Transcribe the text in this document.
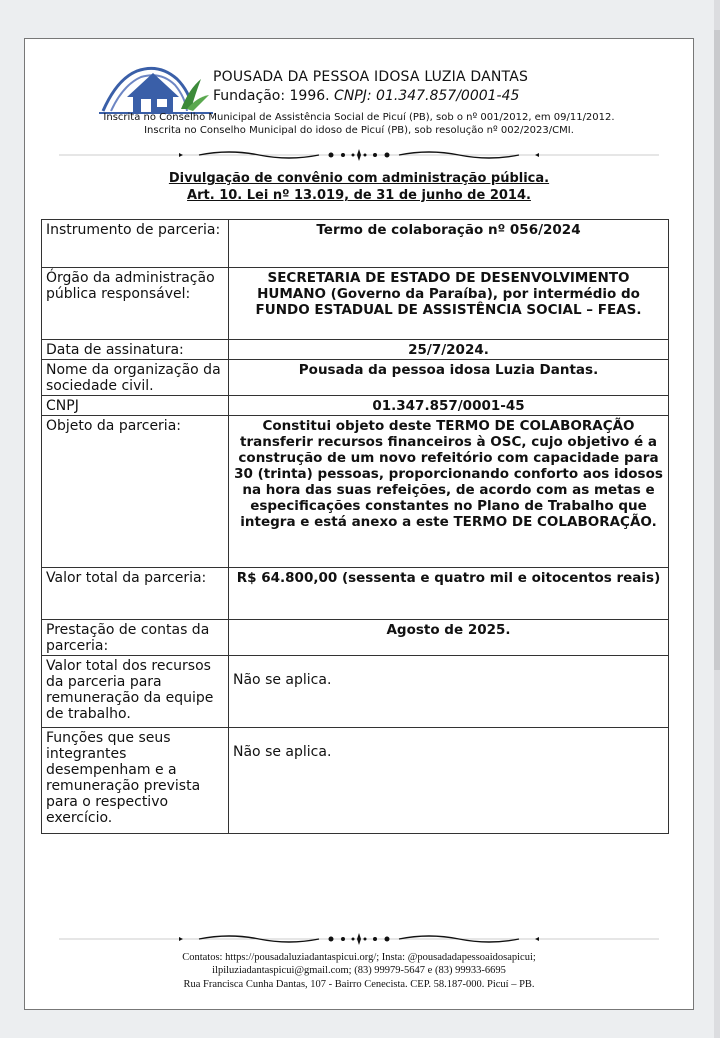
POUSADA DA PESSOA IDOSA LUZIA DANTAS
Fundação: 1996. CNPJ: 01.347.857/0001-45
Inscrita no Conselho Municipal de Assistência Social de Picuí (PB), sob o nº 001/2012, em 09/11/2012.
Inscrita no Conselho Municipal do idoso de Picuí (PB), sob resolução nº 002/2023/CMI.
Divulgação de convênio com administração pública.
Art. 10. Lei nº 13.019, de 31 de junho de 2014.
Instrumento de parceria:	Termo de colaboração nº 056/2024
Órgão da administração pública responsável:	SECRETARIA DE ESTADO DE DESENVOLVIMENTO HUMANO (Governo da Paraíba), por intermédio do FUNDO ESTADUAL DE ASSISTÊNCIA SOCIAL – FEAS.
Data de assinatura:	25/7/2024.
Nome da organização da sociedade civil.	Pousada da pessoa idosa Luzia Dantas.
CNPJ	01.347.857/0001-45
Objeto da parceria:	Constitui objeto deste TERMO DE COLABORAÇÃO transferir recursos financeiros à OSC, cujo objetivo é a construção de um novo refeitório com capacidade para 30 (trinta) pessoas, proporcionando conforto aos idosos na hora das suas refeições, de acordo com as metas e especificações constantes no Plano de Trabalho que integra e está anexo a este TERMO DE COLABORAÇÃO.
Valor total da parceria:	R$ 64.800,00 (sessenta e quatro mil e oitocentos reais)
Prestação de contas da parceria:	Agosto de 2025.
Valor total dos recursos da parceria para remuneração da equipe de trabalho.	Não se aplica.

Funções que seus integrantes desempenham e a remuneração prevista para o respectivo exercício.	Não se aplica.
Contatos: https://pousadaluziadantaspicui.org/; Insta: @pousadadapessoaidosapicui;
ilpiluziadantaspicui@gmail.com; (83) 99979-5647 e (83) 99933-6695
Rua Francisca Cunha Dantas, 107 - Bairro Cenecista. CEP. 58.187-000. Picuí – PB.
